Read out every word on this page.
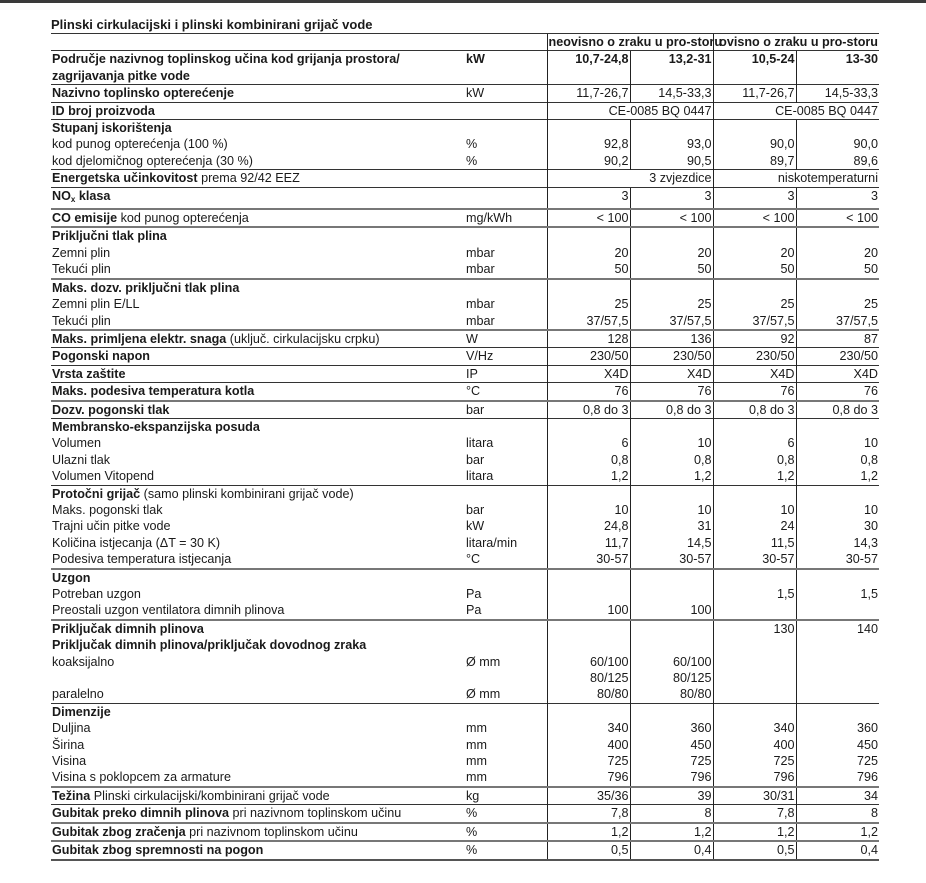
Plinski cirkulacijski i plinski kombinirani grijač vode
		neovisno o zraku u pro-storu		ovisno o zraku u pro-storu	
Područje nazivnog toplinskog učina kod grijanja prostora/ zagrijavanja pitke vode	kW	10,7-24,8	13,2-31	10,5-24	13-30
Nazivno toplinsko opterećenje	kW	11,7-26,7	14,5-33,3	11,7-26,7	14,5-33,3
ID broj proizvoda		CE-0085 BQ 0447		CE-0085 BQ 0447	
Stupanj iskorištenja					
kod punog opterećenja (100 %)	%	92,8	93,0	90,0	90,0
kod djelomičnog opterećenja (30 %)	%	90,2	90,5	89,7	89,6
Energetska učinkovitost prema 92/42 EEZ		3 zvjezdice		niskotemperaturni	
$NO_x$ klasa		3	3	3	3
CO emisije kod punog opterećenja	mg/kWh	< 100	< 100	< 100	< 100
Priključni tlak plina					
Zemni plin	mbar	20	20	20	20
Tekući plin	mbar	50	50	50	50
Maks. dozv. priključni tlak plina					
Zemni plin E/LL	mbar	25	25	25	25
Tekući plin	mbar	37/57,5	37/57,5	37/57,5	37/57,5
Maks. primljena elektr. snaga (uključ. cirkulacijsku crpku)	W	128	136	92	87
Pogonski napon	V/Hz	230/50	230/50	230/50	230/50
Vrsta zaštite	IP	X4D	X4D	X4D	X4D
Maks. podesiva temperatura kotla	°C	76	76	76	76
Dozv. pogonski tlak	bar	0,8 do 3	0,8 do 3	0,8 do 3	0,8 do 3
Membransko-ekspanzijska posuda					
Volumen	litara	6	10	6	10
Ulazni tlak	bar	0,8	0,8	0,8	0,8
Volumen Vitopend	litara	1,2	1,2	1,2	1,2
Protočni grijač (samo plinski kombinirani grijač vode)					
Maks. pogonski tlak	bar	10	10	10	10
Trajni učin pitke vode	kW	24,8	31	24	30
Količina istjecanja (ΔT = 30 K)	litara/min	11,7	14,5	11,5	14,3
Podesiva temperatura istjecanja	°C	30-57	30-57	30-57	30-57
Uzgon					
Potreban uzgon	Pa			1,5	1,5
Preostali uzgon ventilatora dimnih plinova	Pa	100	100		
Priključak dimnih plinova				130	140
Priključak dimnih plinova/priključak dovodnog zraka					
koaksijalno	Ø mm	60/100	60/100		
		80/125	80/125		
paralelno	Ø mm	80/80	80/80		
Dimenzije					
Duljina	mm	340	360	340	360
Širina	mm	400	450	400	450
Visina	mm	725	725	725	725
Visina s poklopcem za armature	mm	796	796	796	796
Težina Plinski cirkulacijski/kombinirani grijač vode	kg	35/36	39	30/31	34
Gubitak preko dimnih plinova pri nazivnom toplinskom učinu	%	7,8	8	7,8	8
Gubitak zbog zračenja pri nazivnom toplinskom učinu	%	1,2	1,2	1,2	1,2
Gubitak zbog spremnosti na pogon	%	0,5	0,4	0,5	0,4
